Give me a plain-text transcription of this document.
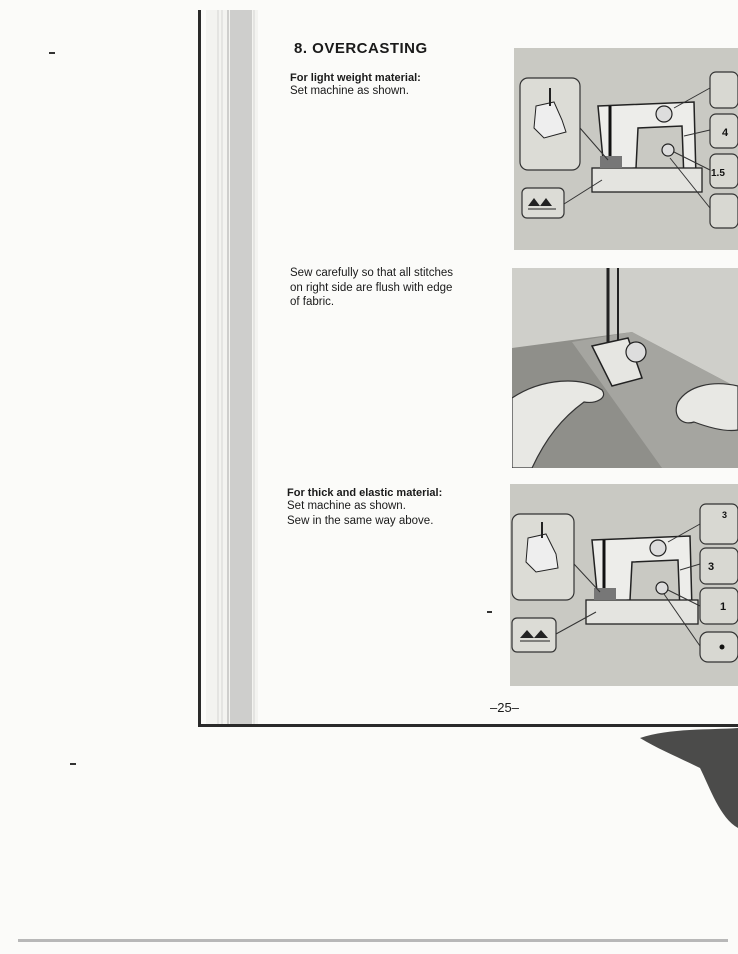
8. OVERCASTING
For light weight material:
Set machine as shown.
Sew carefully so that all stitches
on right side are flush with edge
of fabric.
For thick and elastic material:
Set machine as shown.
Sew in the same way above.
4
1.5
3
3
1
–25–
